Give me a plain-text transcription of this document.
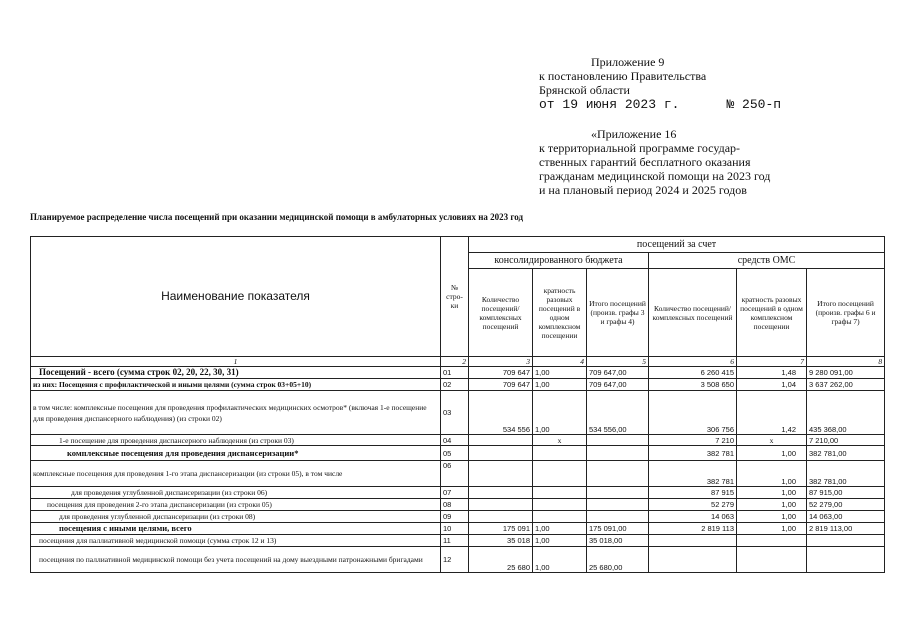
Приложение 9
к постановлению Правительства
Брянской области
от 19 июня 2023 г.	№ 250-п
«Приложение 16
к территориальной программе государ-
ственных гарантий бесплатного оказания
гражданам медицинской помощи на 2023 год
и на плановый период 2024 и 2025 годов
Планируемое распределение числа посещений при оказании медицинской помощи в амбулаторных условиях на 2023 год
Наименование показателя	№ стро-ки	посещений за счет					
		консолидированного бюджета			средств ОМС		
		Количество посещений/ комплексных посещений	кратность разовых посещений в одном комплексном посещении	Итого посещений (произв. графы 3 и графы 4)	Количество посещений/ комплексных посещений	кратность разовых посещений в одном комплексном посещении	Итого посещений (произв. графы 6 и графы 7)
1	2	3	4	5	6	7	8
Посещений - всего (сумма строк 02, 20, 22, 30, 31)	01	709 647	1,00	709 647,00	6 260 415	1,48	9 280 091,00
из них: Посещения с профилактической и иными целями (сумма строк 03+05+10)	02	709 647	1,00	709 647,00	3 508 650	1,04	3 637 262,00
в том числе: комплексные посещения для проведения профилактических медицинских осмотров* (включая 1-е посещение для проведения диспансерного наблюдения) (из строки 02)	03	534 556	1,00	534 556,00	306 756	1,42	435 368,00
1-е посещение для проведения диспансерного наблюдения (из строки 03)	04		x		7 210	x	7 210,00
комплексные посещения для проведения диспансеризации*	05				382 781	1,00	382 781,00
комплексные посещения для проведения 1-го этапа диспансеризации (из строки 05), в том числе	06				382 781	1,00	382 781,00
для проведения углубленной диспансеризации (из строки 06)	07				87 915	1,00	87 915,00
посещения для проведения 2-го этапа диспансеризации (из строки 05)	08				52 279	1,00	52 279,00
для проведения углубленной диспансеризации (из строки 08)	09				14 063	1,00	14 063,00
посещения с иными целями, всего	10	175 091	1,00	175 091,00	2 819 113	1,00	2 819 113,00
посещения для паллиативной медицинской помощи (сумма строк 12 и 13)	11	35 018	1,00	35 018,00			
посещения по паллиативной медицинской помощи без учета посещений на дому выездными патронажными бригадами	12	25 680	1,00	25 680,00			
